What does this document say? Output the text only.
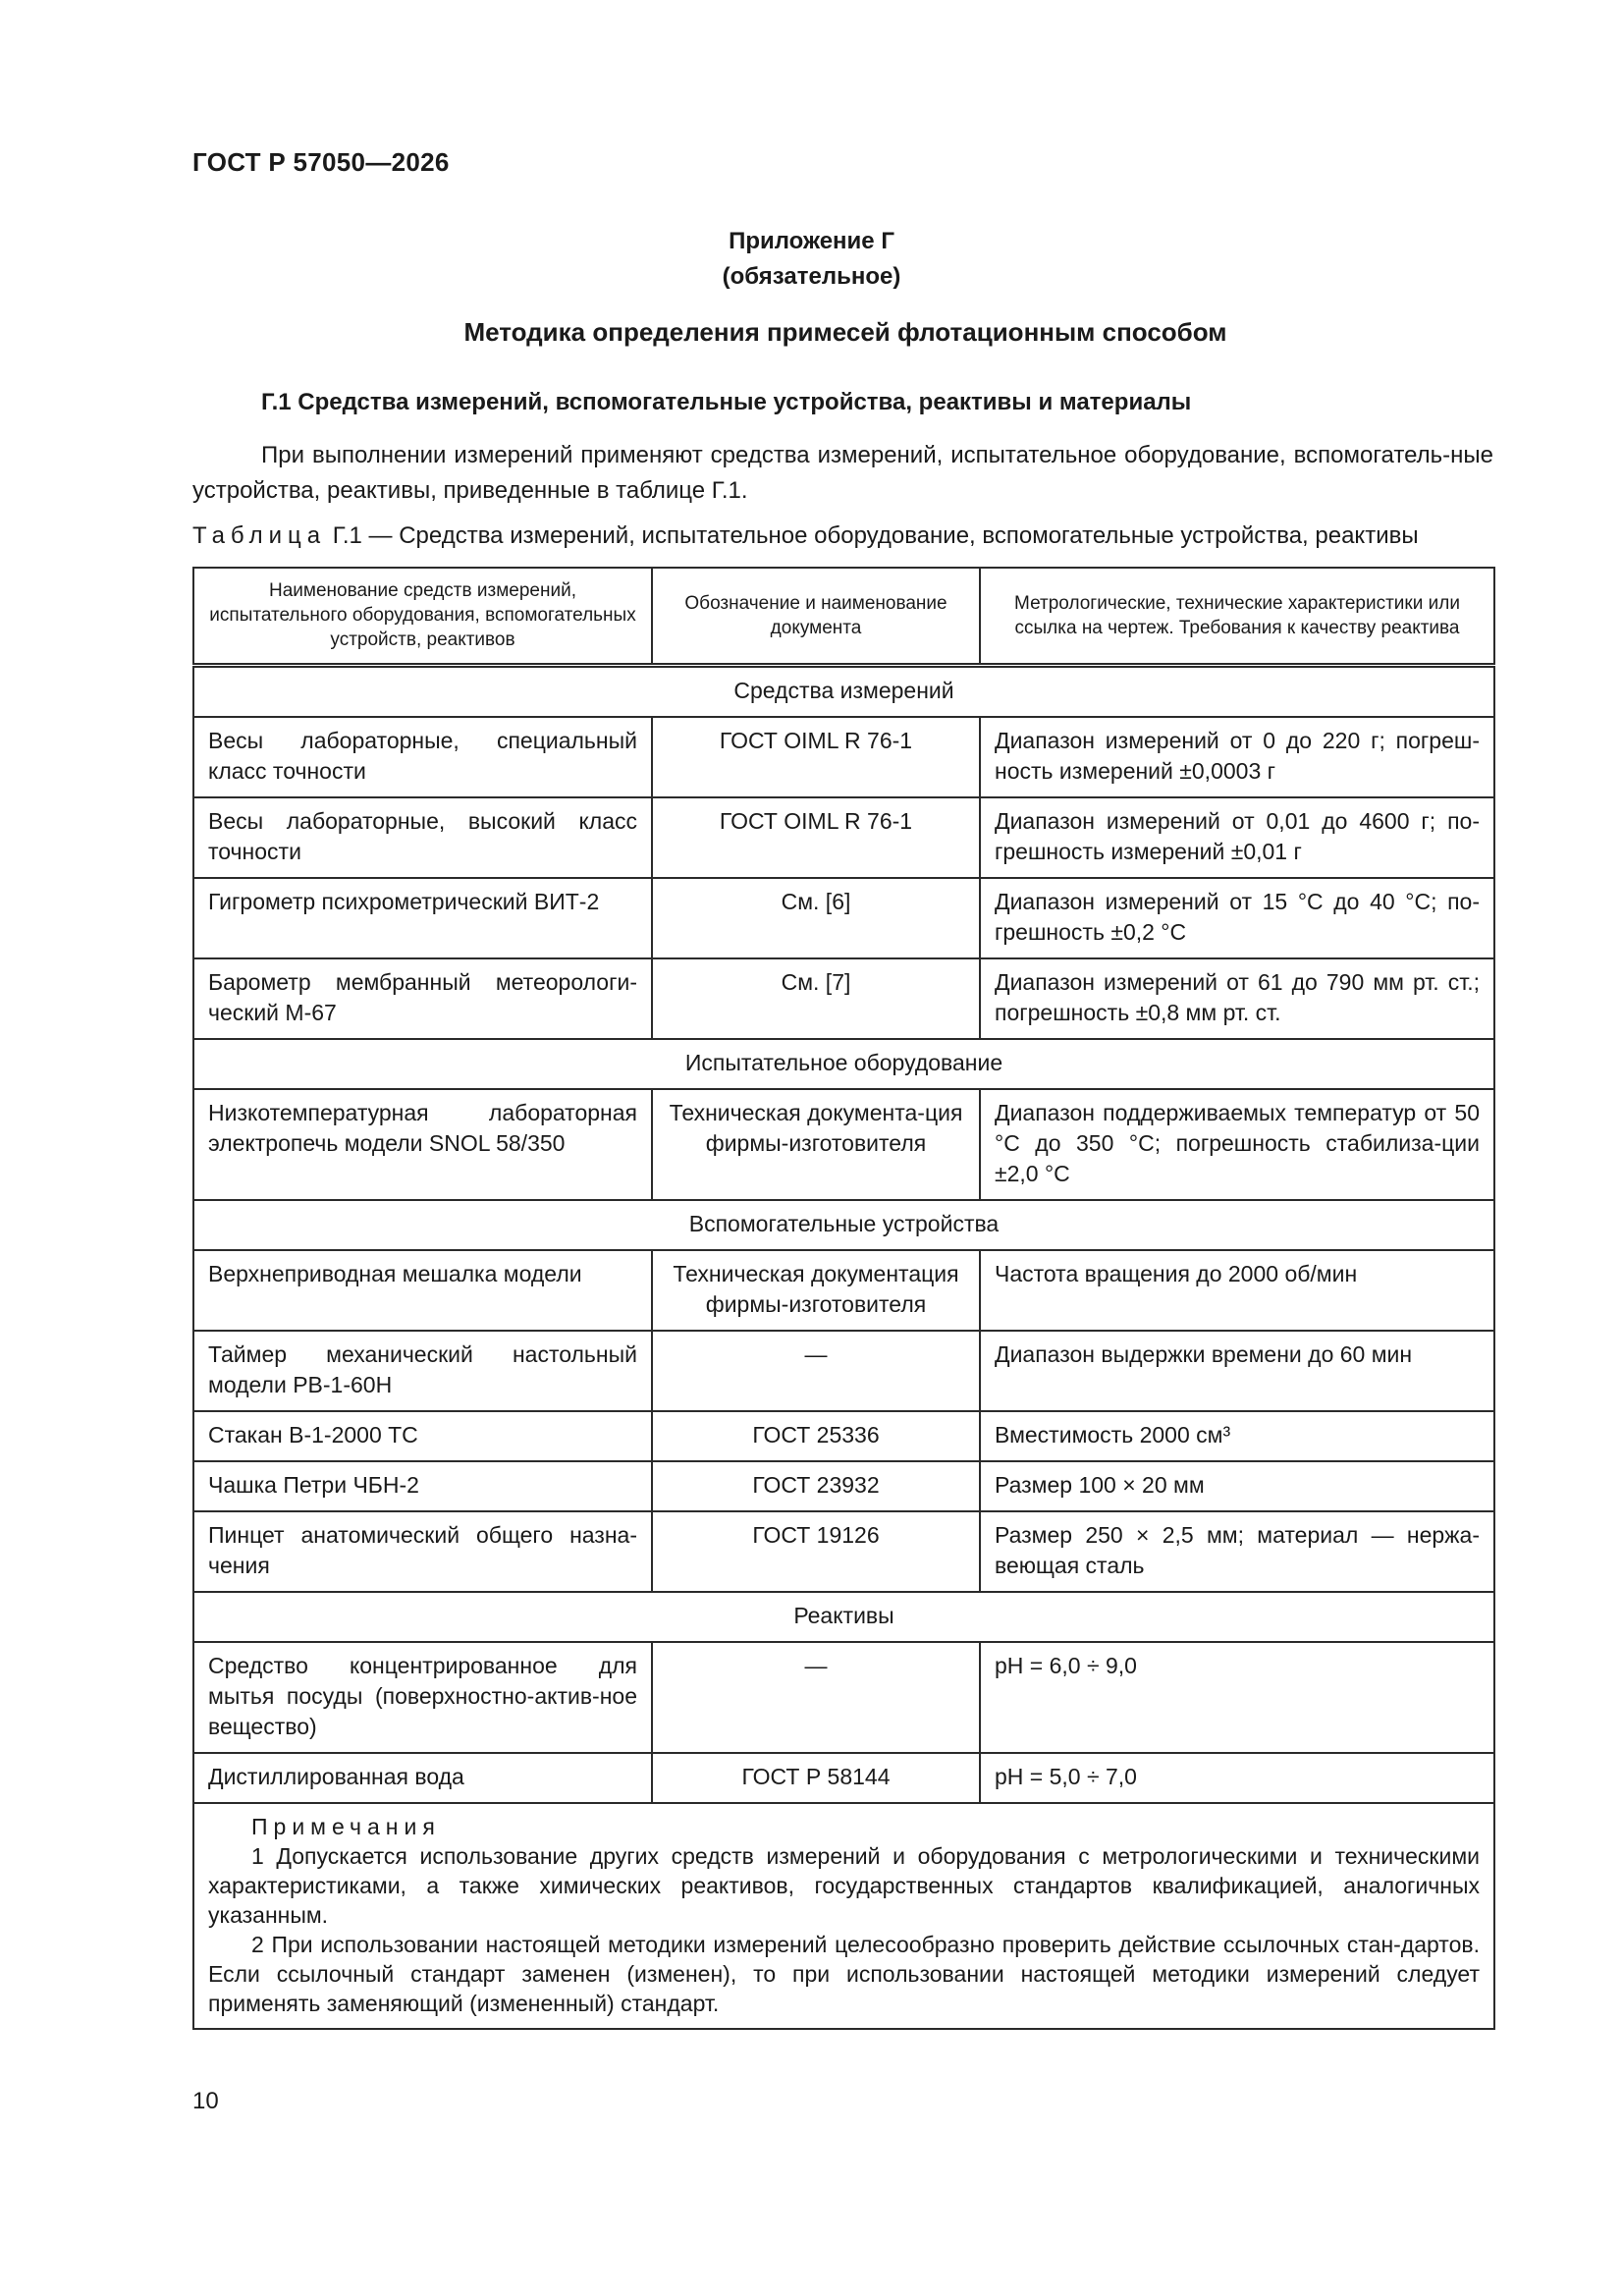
ГОСТ Р 57050—2026
Приложение Г
(обязательное)
Методика определения примесей флотационным способом
Г.1 Средства измерений, вспомогательные устройства, реактивы и материалы
При выполнении измерений применяют средства измерений, испытательное оборудование, вспомогатель-ные устройства, реактивы, приведенные в таблице Г.1.
Таблица Г.1 — Средства измерений, испытательное оборудование, вспомогательные устройства, реактивы
Наименование средств измерений, испытательного оборудования, вспомогательных устройств, реактивов	Обозначение и наименование документа	Метрологические, технические характеристики или ссылка на чертеж. Требования к качеству реактива
Средства измерений		
Весы лабораторные, специальный класс точности	ГОСТ OIML R 76-1	Диапазон измерений от 0 до 220 г; погреш-ность измерений ±0,0003 г
Весы лабораторные, высокий класс точности	ГОСТ OIML R 76-1	Диапазон измерений от 0,01 до 4600 г; по-грешность измерений ±0,01 г
Гигрометр психрометрический ВИТ-2	См. [6]	Диапазон измерений от 15 °С до 40 °С; по-грешность ±0,2 °С
Барометр мембранный метеорологи-ческий М-67	См. [7]	Диапазон измерений от 61 до 790 мм рт. ст.; погрешность ±0,8 мм рт. ст.
Испытательное оборудование		
Низкотемпературная лабораторная электропечь модели SNOL 58/350	Техническая документа-ция фирмы-изготовителя	Диапазон поддерживаемых температур от 50 °С до 350 °С; погрешность стабилиза-ции ±2,0 °С
Вспомогательные устройства		
Верхнеприводная мешалка модели	Техническая документация фирмы-изготовителя	Частота вращения до 2000 об/мин
Таймер механический настольный модели РВ-1-60Н	—	Диапазон выдержки времени до 60 мин
Стакан В-1-2000 ТС	ГОСТ 25336	Вместимость 2000 см³
Чашка Петри ЧБН-2	ГОСТ 23932	Размер 100 × 20 мм
Пинцет анатомический общего назна-чения	ГОСТ 19126	Размер 250 × 2,5 мм; материал — нержа-веющая сталь
Реактивы		
Средство концентрированное для мытья посуды (поверхностно-актив-ное вещество)	—	рН = 6,0 ÷ 9,0
Дистиллированная вода	ГОСТ Р 58144	рН = 5,0 ÷ 7,0

Примечания

1 Допускается использование других средств измерений и оборудования с метрологическими и техническими характеристиками, а также химических реактивов, государственных стандартов квалификацией, аналогичных указанным.

2 При использовании настоящей методики измерений целесообразно проверить действие ссылочных стан-дартов. Если ссылочный стандарт заменен (изменен), то при использовании настоящей методики измерений следует применять заменяющий (измененный) стандарт.		

10
